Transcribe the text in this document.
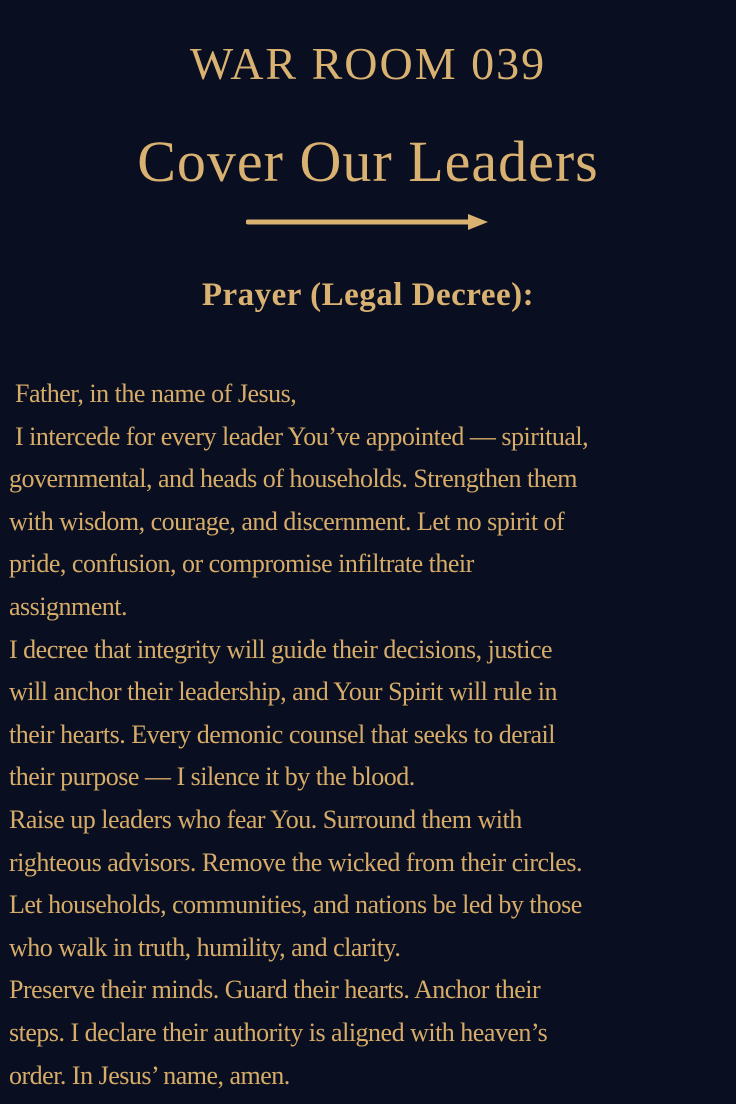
WAR ROOM 039
Cover Our Leaders
Prayer (Legal Decree):
Father, in the name of Jesus,
I intercede for every leader You’ve appointed — spiritual,
governmental, and heads of households. Strengthen them
with wisdom, courage, and discernment. Let no spirit of
pride, confusion, or compromise infiltrate their
assignment.
I decree that integrity will guide their decisions, justice
will anchor their leadership, and Your Spirit will rule in
their hearts. Every demonic counsel that seeks to derail
their purpose — I silence it by the blood.
Raise up leaders who fear You. Surround them with
righteous advisors. Remove the wicked from their circles.
Let households, communities, and nations be led by those
who walk in truth, humility, and clarity.
Preserve their minds. Guard their hearts. Anchor their
steps. I declare their authority is aligned with heaven’s
order. In Jesus’ name, amen.
